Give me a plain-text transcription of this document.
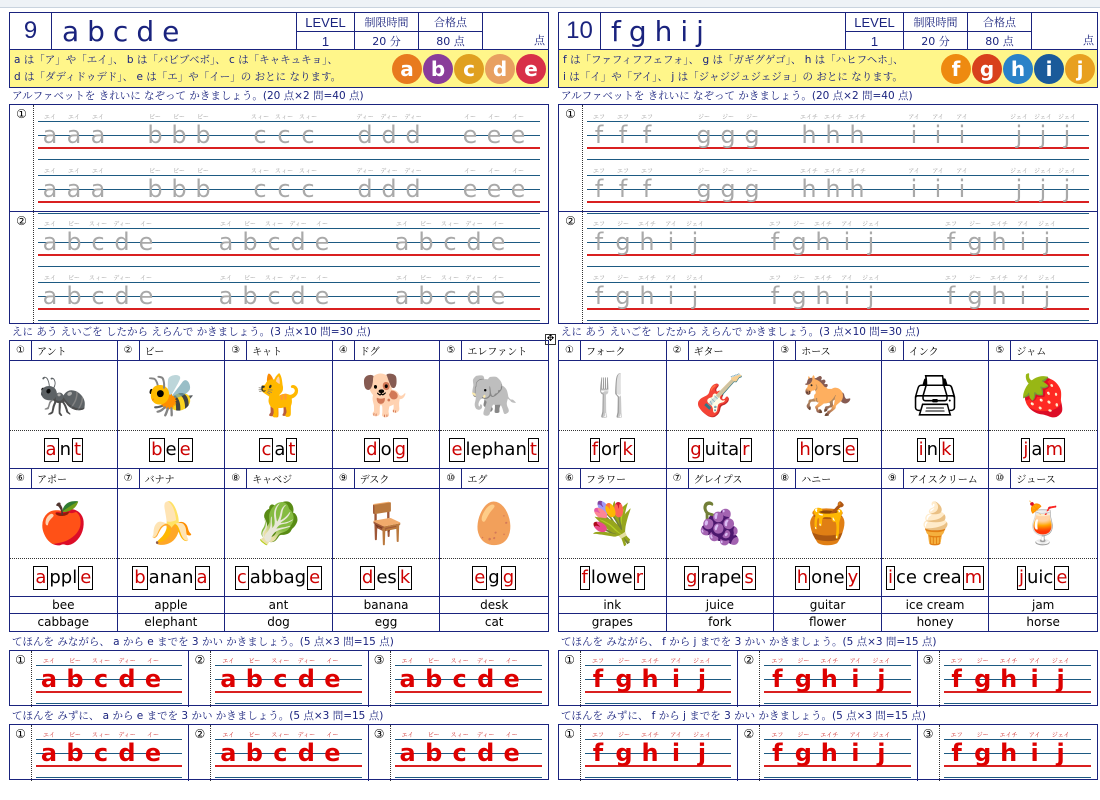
✥
9 abcde	LEVEL	制限時間	合格点
点
1	20 分	80 点
a は「ア」や「エイ」、 b は「バビブベボ」、 c は「キャキュキョ」、
d は「ダディドゥデド」、 e は「エ」や「イー」の おとに なります。	a b c d e
アルファベットを きれいに なぞって かきましょう。(20 点×2 問=40 点)
①	エイ
a
エイ
a
エイ
a
ビー
b
ビー
b
ビー
b
スィー
c
スィー
c
スィー
c
ディー
d
ディー
d
ディー
d
イー
e
イー
e
イー
e
エイ
a
エイ
a
エイ
a
ビー
b
ビー
b
ビー
b
スィー
c
スィー
c
スィー
c
ディー
d
ディー
d
ディー
d
イー
e
イー
e
イー
e
②	エイ
a
ビー
b
スィー
c
ディー
d
イー
e
エイ
a
ビー
b
スィー
c
ディー
d
イー
e
エイ
a
ビー
b
スィー
c
ディー
d
イー
e
エイ
a
ビー
b
スィー
c
ディー
d
イー
e
エイ
a
ビー
b
スィー
c
ディー
d
イー
e
エイ
a
ビー
b
スィー
c
ディー
d
イー
e
えに あう えいごを したから えらんで かきましょう。(3 点×10 問=30 点)
①	アント
🐜
a n t
②	ビー
🐝
b e e
③	キャト
🐈
c a t
④	ドグ
🐕
d o g
⑤	エレファント
🐘
e lephan t
⑥	アポー
🍎
a ppl e
⑦	バナナ
🍌
b anan a
⑧	キャベジ
🥬
c abbag e
⑨	デスク
🪑
d es k
⑩	エグ
🥚
e g g
bee	apple	ant	banana	desk
cabbage	elephant	dog	egg	cat
てほんを みながら、 a から e までを 3 かい かきましょう。(5 点×3 問=15 点)
①	エイ
a
ビー
b
スィー
c
ディー
d
イー
e
②	エイ
a
ビー
b
スィー
c
ディー
d
イー
e
③	エイ
a
ビー
b
スィー
c
ディー
d
イー
e
てほんを みずに、 a から e までを 3 かい かきましょう。(5 点×3 問=15 点)
①	エイ
a
ビー
b
スィー
c
ディー
d
イー
e
②	エイ
a
ビー
b
スィー
c
ディー
d
イー
e
③	エイ
a
ビー
b
スィー
c
ディー
d
イー
e
10 fghij	LEVEL	制限時間	合格点
点
1	20 分	80 点
f は「ファフィフフェフォ」、 g は「ガギグゲゴ」、 h は「ハヒフヘホ」、
i は「イ」や「アイ」、 j は「ジャジジュジェジョ」の おとに なります。	f g h	i	j
アルファベットを きれいに なぞって かきましょう。(20 点×2 問=40 点)
①	エフ
f
エフ
f
エフ
f
ジー
g
ジー
g
ジー
g
エイチ
h
エイチ
h
エイチ
h
アイ
i
アイ
i
アイ
i
ジェイ
j
ジェイ
j
ジェイ
j
エフ
f
エフ
f
エフ
f
ジー
g
ジー
g
ジー
g
エイチ
h
エイチ
h
エイチ
h
アイ
i
アイ
i
アイ
i
ジェイ
j
ジェイ
j
ジェイ
j
②	エフ
f
ジー
g
エイチ
h
アイ
i
ジェイ
j
エフ
f
ジー
g
エイチ
h
アイ
i
ジェイ
j
エフ
f
ジー
g
エイチ
h
アイ
i
ジェイ
j
エフ
f
ジー
g
エイチ
h
アイ
i
ジェイ
j
エフ
f
ジー
g
エイチ
h
アイ
i
ジェイ
j
エフ
f
ジー
g
エイチ
h
アイ
i
ジェイ
j
えに あう えいごを したから えらんで かきましょう。(3 点×10 問=30 点)
①	フォーク
🍴
f or k
②	ギター
🎸
g uita r
③	ホース
🐎
h ors e
④	インク
🖨
i n k
⑤	ジャム
🍓
j a m
⑥	フラワー
💐
f lowe r
⑦	グレイプス
🍇
g rape s
⑧	ハニー
🍯
h one y
⑨	アイスクリーム
🍦
i ce crea m
⑩	ジュース
🍹
j uic e
ink	juice	guitar	ice cream	jam
grapes	fork	flower	honey	horse
てほんを みながら、 f から j までを 3 かい かきましょう。(5 点×3 問=15 点)
①	エフ
f
ジー
g
エイチ
h
アイ
i
ジェイ
j
②	エフ
f
ジー
g
エイチ
h
アイ
i
ジェイ
j
③	エフ
f
ジー
g
エイチ
h
アイ
i
ジェイ
j
てほんを みずに、 f から j までを 3 かい かきましょう。(5 点×3 問=15 点)
①	エフ
f
ジー
g
エイチ
h
アイ
i
ジェイ
j
②	エフ
f
ジー
g
エイチ
h
アイ
i
ジェイ
j
③	エフ
f
ジー
g
エイチ
h
アイ
i
ジェイ
j
